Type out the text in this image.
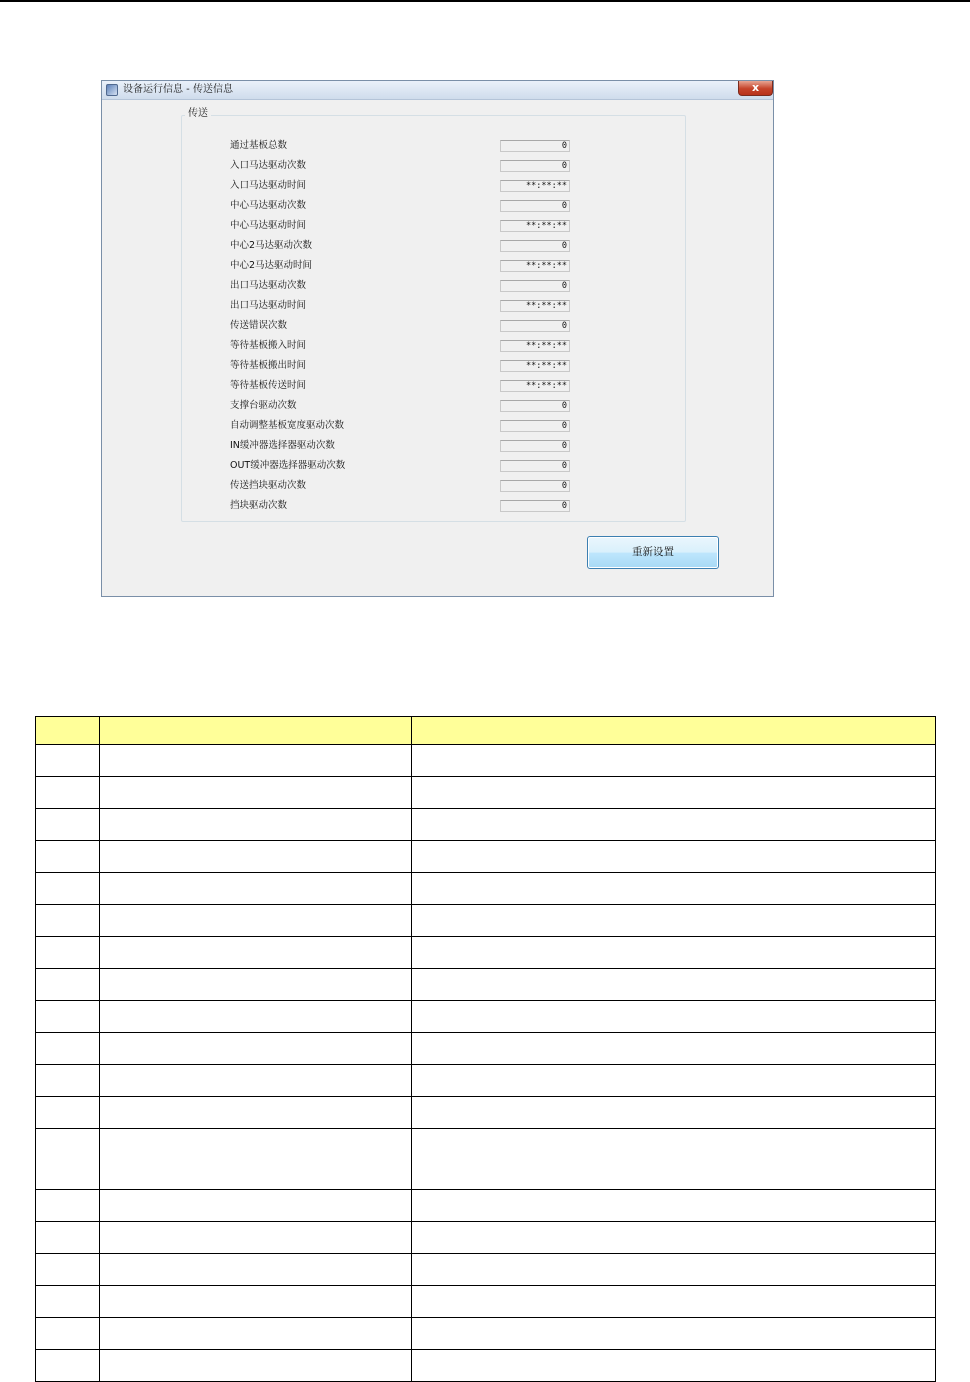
设备运行信息 - 传送信息	x
传送
通过基板总数	0
入口马达驱动次数	0
入口马达驱动时间	**:**:**
中心马达驱动次数	0
中心马达驱动时间	**:**:**
中心2马达驱动次数	0
中心2马达驱动时间	**:**:**
出口马达驱动次数	0
出口马达驱动时间	**:**:**
传送错误次数	0
等待基板搬入时间	**:**:**
等待基板搬出时间	**:**:**
等待基板传送时间	**:**:**
支撑台驱动次数	0
自动调整基板宽度驱动次数	0
IN缓冲器选择器驱动次数	0
OUT缓冲器选择器驱动次数	0
传送挡块驱动次数	0
挡块驱动次数	0
重新设置
